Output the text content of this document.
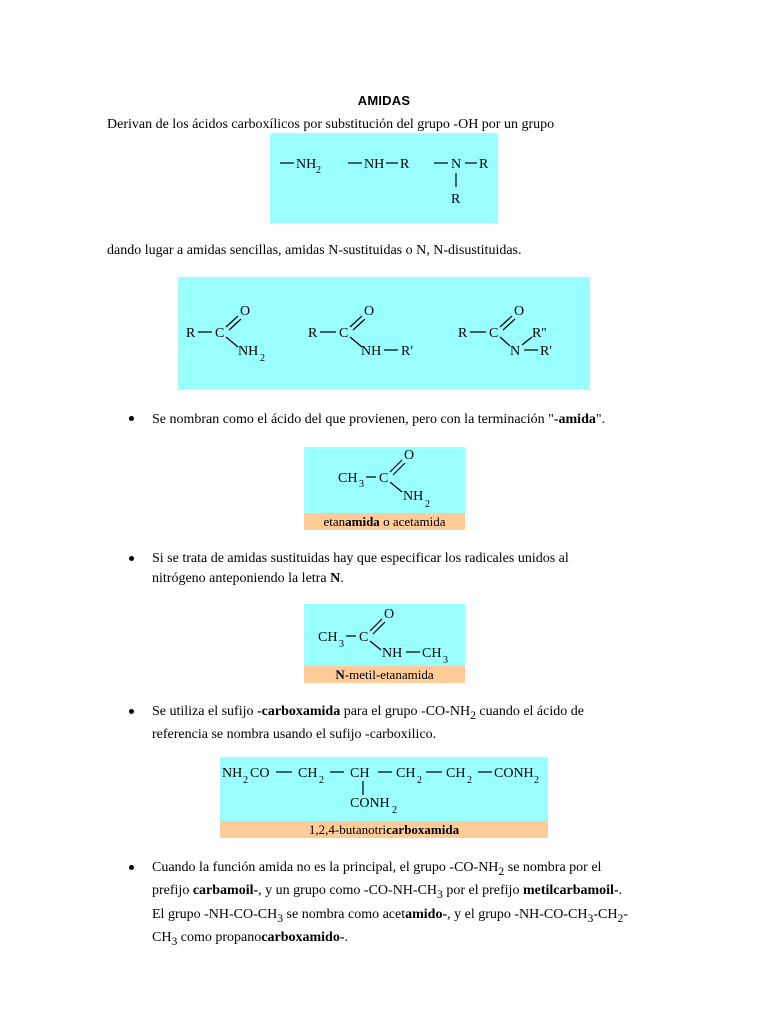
AMIDAS
Derivan de los ácidos carboxílicos por substitución del grupo -OH por un grupo
NH 2	NH R	N R
R
dando lugar a amidas sencillas, amidas N-sustituidas o N, N-disustituidas.
R C
O
NH 2
R C
O
NH R'
R C
O
N
R''
R'
Se nombran como el ácido del que provienen, pero con la terminación "-amida".
CH 3 C
O
NH
2
etanamida o acetamida
Si se trata de amidas sustituidas hay que especificar los radicales unidos al
nitrógeno anteponiendo la letra N.
CH 3 C
O
NH CH 3
N-metil-etanamida
Se utiliza el sufijo -carboxamida para el grupo $-CO-NH_2$ cuando el ácido de
referencia se nombra usando el sufijo -carboxilico.
NH 2 CO CH 2 CH CH 2 CH 2 CONH 2
CONH 2
1,2,4-butanotricarboxamida
Cuando la función amida no es la principal, el grupo $-CO-NH_2$ se nombra por el
prefijo carbamoil-, y un grupo como $-CO-NH-CH_3$ por el prefijo metilcarbamoil-.
El grupo $-NH-CO-CH_3$ se nombra como acetamido-, y el grupo $-NH-CO-CH_3-CH_2-$
$CH_3$ como propanocarboxamido-.
